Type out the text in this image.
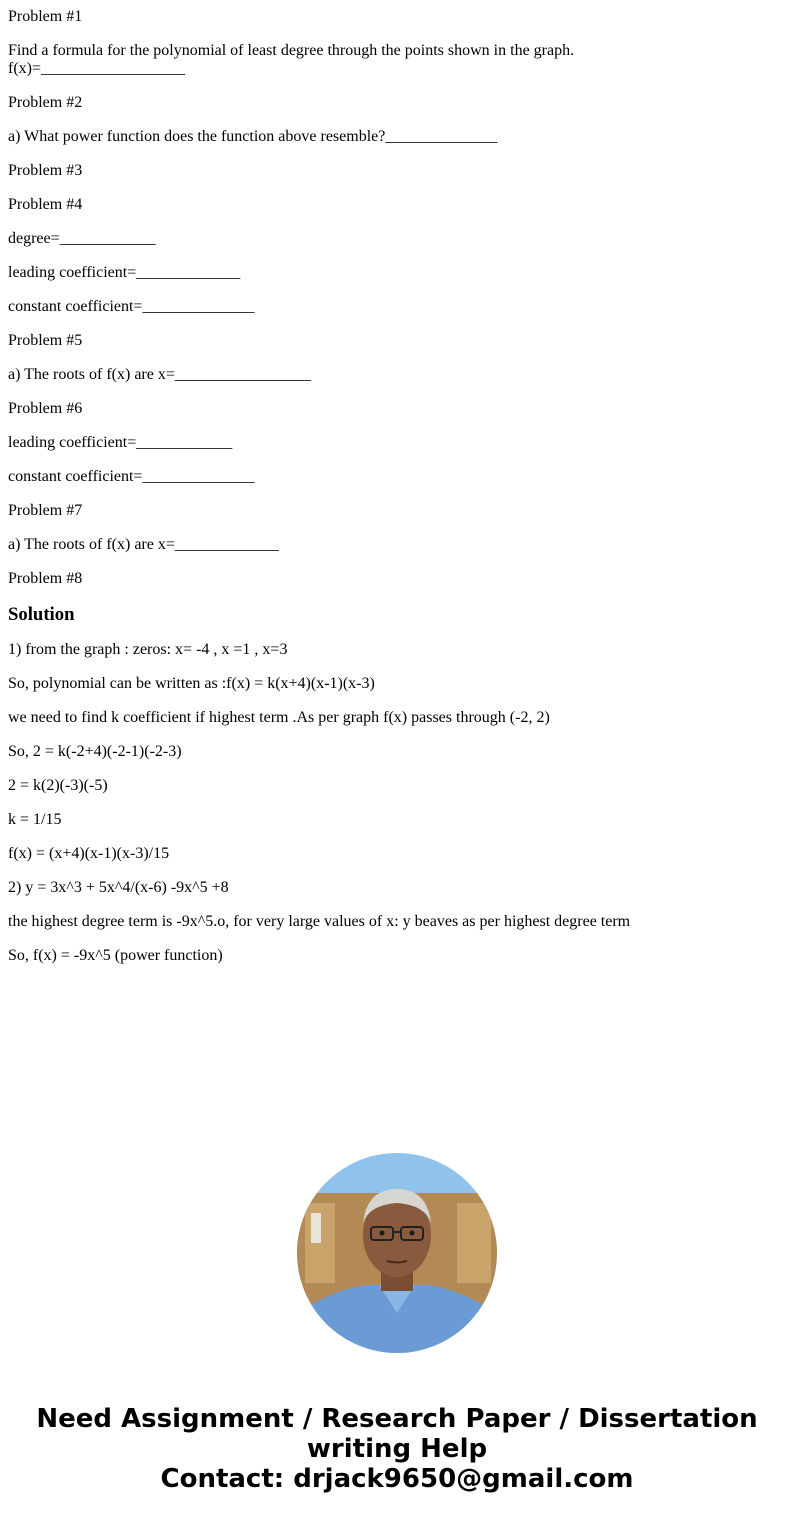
Problem #1

Find a formula for the polynomial of least degree through the points shown in the graph.
f(x)=__________________

Problem #2

a) What power function does the function above resemble?______________

Problem #3

Problem #4

degree=____________

leading coefficient=_____________

constant coefficient=______________

Problem #5

a) The roots of f(x) are x=_________________

Problem #6

leading coefficient=____________

constant coefficient=______________

Problem #7

a) The roots of f(x) are x=_____________

Problem #8

Solution

1) from the graph : zeros: x= -4 , x =1 , x=3

So, polynomial can be written as :f(x) = k(x+4)(x-1)(x-3)

we need to find k coefficient if highest term .As per graph f(x) passes through (-2, 2)

So, 2 = k(-2+4)(-2-1)(-2-3)

2 = k(2)(-3)(-5)

k = 1/15

f(x) = (x+4)(x-1)(x-3)/15

2) y = 3x^3 + 5x^4/(x-6) -9x^5 +8

the highest degree term is -9x^5.o, for very large values of x: y beaves as per highest degree term

So, f(x) = -9x^5 (power function)

Need Assignment / Research Paper / Dissertation
writing Help
Contact: drjack9650@gmail.com
